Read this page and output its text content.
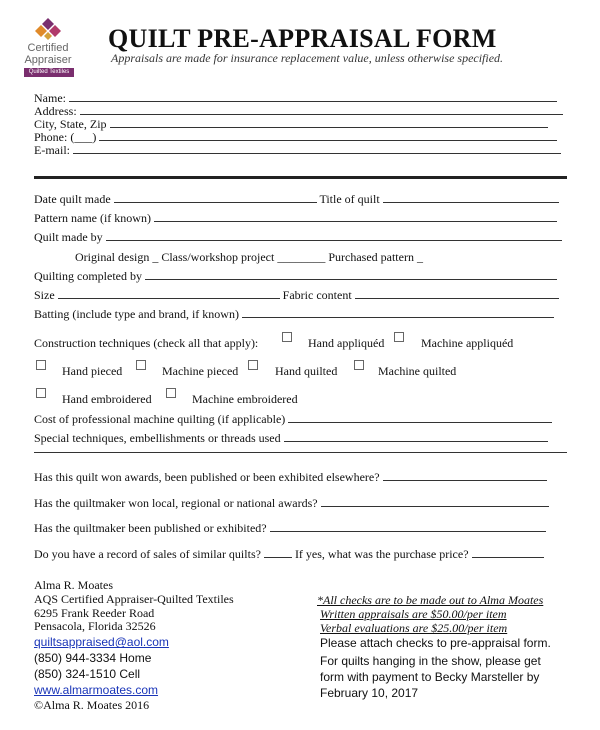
Certified
Appraiser
Quilted Textiles
QUILT PRE-APPRAISAL FORM
Appraisals are made for insurance replacement value, unless otherwise specified.
Name:
Address:
City, State, Zip
Phone: (___)
E-mail:
Date quilt made	Title of quilt
Pattern name (if known)
Quilt made by
Original design _ Class/workshop project ________ Purchased pattern _
Quilting completed by
Size	Fabric content
Batting (include type and brand, if known)
Construction techniques (check all that apply):	Hand appliquéd	Machine appliquéd
Hand pieced	Machine pieced	Hand quilted	Machine quilted
Hand embroidered	Machine embroidered
Cost of professional machine quilting (if applicable)
Special techniques, embellishments or threads used
Has this quilt won awards, been published or been exhibited elsewhere?
Has the quiltmaker won local, regional or national awards?
Has the quiltmaker been published or exhibited?
Do you have a record of sales of similar quilts?	If yes, what was the purchase price?
Alma R. Moates
AQS Certified Appraiser-Quilted Textiles
6295 Frank Reeder Road
Pensacola, Florida 32526
quiltsappraised@aol.com
(850) 944-3334 Home
(850) 324-1510 Cell
www.almarmoates.com
©Alma R. Moates 2016
*All checks are to be made out to Alma Moates
Written appraisals are $50.00/per item
Verbal evaluations are $25.00/per item
Please attach checks to pre-appraisal form.
For quilts hanging in the show, please get
form with payment to Becky Marsteller by
February 10, 2017
